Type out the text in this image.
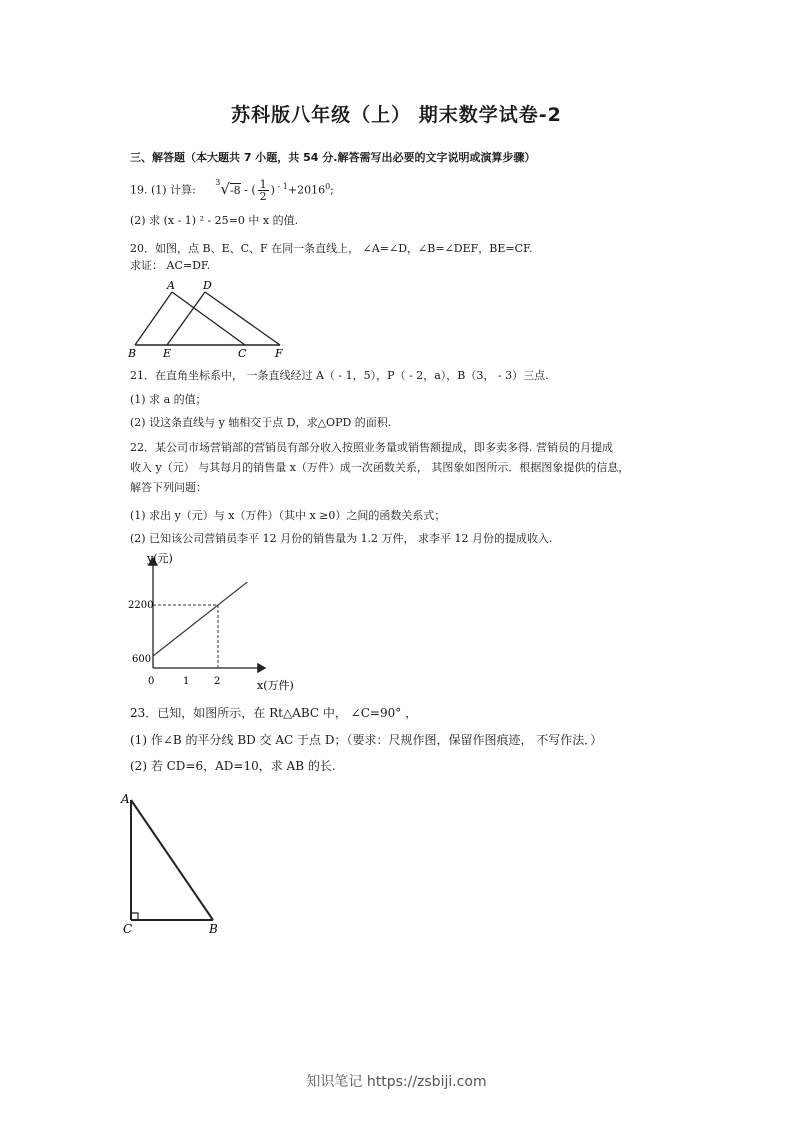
苏科版八年级（上） 期末数学试卷-2
三、解答题（本大题共 7 小题，共 54 分.解答需写出必要的文字说明或演算步骤）
19. (1) 计算: $^3$√-8 - ( $\frac{1}{2}$ ) $^{- 1}+2016^0$;
(2) 求 (x - 1) ² - 25=0 中 x 的值.
20．如图，点 B、E、C、F 在同一条直线上， ∠A=∠D，∠B=∠DEF，BE=CF.
求证： AC=DF.
A	D
B E	C	F
21．在直角坐标系中， 一条直线经过 A（ - 1，5），P（ - 2，a），B（3， - 3）三点.
(1) 求 a 的值；
(2) 设这条直线与 y 轴相交于点 D，求△OPD 的面积.
22．某公司市场营销部的营销员有部分收入按照业务量或销售额提成，即多卖多得. 营销员的月提成
收入 y（元） 与其每月的销售量 x（万件）成一次函数关系， 其图象如图所示．根据图象提供的信息，
解答下列问题：
(1) 求出 y（元）与 x（万件）（其中 x ≥0）之间的函数关系式；
(2) 已知该公司营销员李平 12 月份的销售量为 1.2 万件， 求李平 12 月份的提成收入.
y(元)
x(万件)
2200
600
0	1 2
23．已知，如图所示，在 Rt△ABC 中， ∠C=90° ，
(1) 作∠B 的平分线 BD 交 AC 于点 D；（要求：尺规作图，保留作图痕迹， 不写作法．）
(2) 若 CD=6，AD=10，求 AB 的长.
A
C	B
知识笔记 https://zsbiji.com
